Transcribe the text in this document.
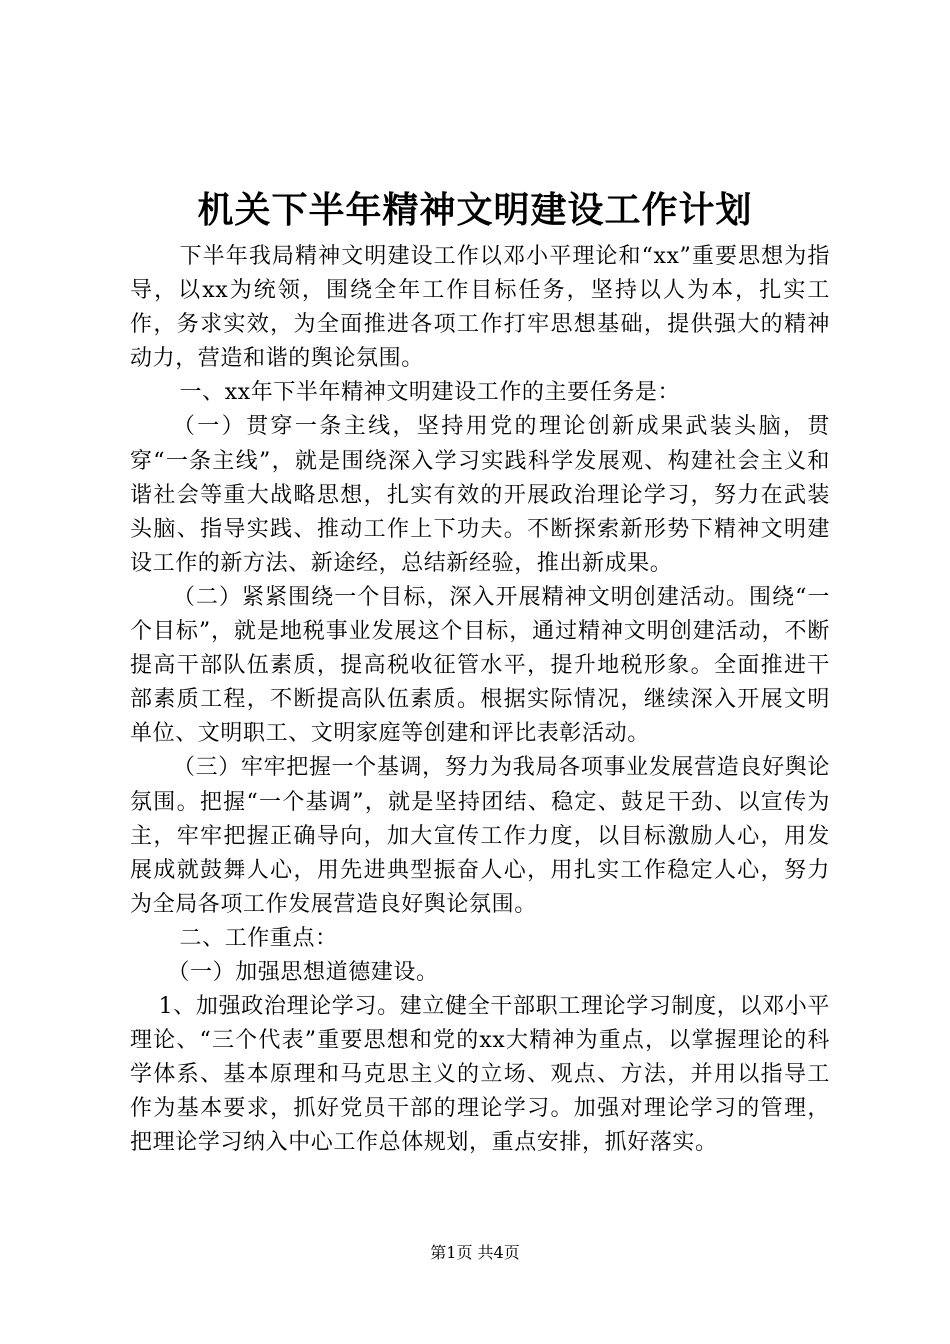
机关下半年精神文明建设工作计划

下半年我局精神文明建设工作以邓小平理论和“xx”重要思想为指导，以xx为统领，围绕全年工作目标任务，坚持以人为本，扎实工作，务求实效，为全面推进各项工作打牢思想基础，提供强大的精神动力，营造和谐的舆论氛围。

一、xx年下半年精神文明建设工作的主要任务是：

（一）贯穿一条主线，坚持用党的理论创新成果武装头脑，贯穿“一条主线”，就是围绕深入学习实践科学发展观、构建社会主义和谐社会等重大战略思想，扎实有效的开展政治理论学习，努力在武装头脑、指导实践、推动工作上下功夫。不断探索新形势下精神文明建设工作的新方法、新途经，总结新经验，推出新成果。

（二）紧紧围绕一个目标，深入开展精神文明创建活动。围绕“一个目标”，就是地税事业发展这个目标，通过精神文明创建活动，不断提高干部队伍素质，提高税收征管水平，提升地税形象。全面推进干部素质工程，不断提高队伍素质。根据实际情况，继续深入开展文明单位、文明职工、文明家庭等创建和评比表彰活动。

（三）牢牢把握一个基调，努力为我局各项事业发展营造良好舆论氛围。把握“一个基调”，就是坚持团结、稳定、鼓足干劲、以宣传为主，牢牢把握正确导向，加大宣传工作力度，以目标激励人心，用发展成就鼓舞人心，用先进典型振奋人心，用扎实工作稳定人心，努力为全局各项工作发展营造良好舆论氛围。

二、工作重点：

（一）加强思想道德建设。

1、加强政治理论学习。建立健全干部职工理论学习制度，以邓小平理论、“三个代表”重要思想和党的xx大精神为重点，以掌握理论的科学体系、基本原理和马克思主义的立场、观点、方法，并用以指导工作为基本要求，抓好党员干部的理论学习。加强对理论学习的管理，把理论学习纳入中心工作总体规划，重点安排，抓好落实。

第1页 共4页
